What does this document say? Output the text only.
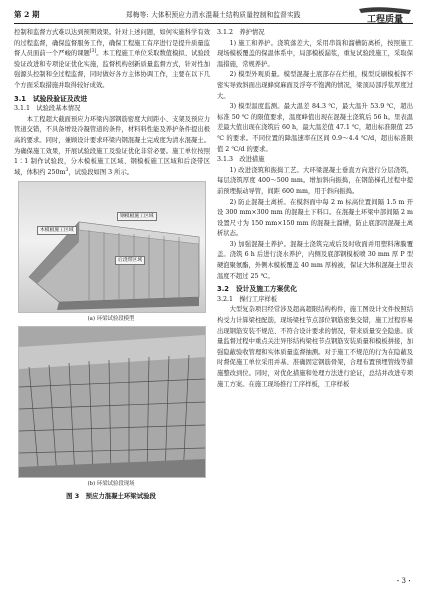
第 2 期	郑梅等: 大体积预应力清水混凝土结构质量控制和监督实践	工程质量

控制和监督方式难以达到预期效果。针对上述问题，如何实施科学有效的过程监督，确保监督服务工作，确保工程施工有序进行是提升质量监督人员面前一个严峻的课题[3]。本工程施工单位采取数值模拟、试验段验证改进和专项论证优化实施，监督机构创新质量监督方式，针对性加强源头控制和全过程监督，同时做好各方主体协调工作，主要在以下几个方面采取措施并取得较好成效。

3.1　试验段验证及改进

3.1.1　试验段基本情况

本工程超大截面预应力环梁内部钢筋密度大间距小、支架及预应力管道交错，不具备增设冷凝管道的条件，材料料性能及养护条件提出极高的要求。同时，兼顾设计要求环梁内钢混凝土完成度为清水混凝土。为确保施工效果，开展试验段施工及验证优化非常必要。施工单位按照 1∶1 制作试验段，分木模板施工区域、钢模板施工区域和后浇带区域，体积约 $250m^3$，试验段如图 3 所示。

木模板施工区域
钢模板施工区域
后浇带区域

(a) 环梁试验段模型

(b) 环梁试验段现场

图 3　预应力混凝土环梁试验段

3.1.2　养护情况

1) 施工和养护。浇筑落差大，采用串筒和溜槽防离析，按照施工现场模板覆盖的保温体系中，局部模板漏浆，重复试验段施工，采取保温措施，常规养护。

2) 模型外观质量。模型混凝土底部存在烂根，模型反刷模板挥不密实导致斜面出现蜂窝麻面及浮夸不饱满的情况，梁顶局部浮浆厚度过大。

3) 模型温度监测。最大温差 84.3 ℃，最大温升 53.9 ℃，超出标准 50 ℃ 的限值要求，温度峰值出现在混凝土浇筑后 56 h。里表温差最大值出现在浇筑后 60 h，最大温差值 47.1 ℃，超出标准限值 25 ℃ 的要求。不同位置的降温速率在区间 0.9～4.4 ℃/d，超出标准限值 2 ℃/d 的要求。

3.1.3　改进措施

1) 改进浇筑和振捣工艺。大环梁混凝土垂直方向进行分层浇筑，每层浇筑厚度 400～500 mm。增加斜向振捣，在钢筋梯孔过程中提前预埋振动导管，间距 600 mm，用于斜向振捣。

2) 防止混凝土离析。在模斜面中每 2 m 标高位置间隔 1.5 m 开设 300 mm×300 mm 的混凝土下料口。在混凝土环梁中部间隔 2 m 设置尺寸为 150 mm×150 mm 的混凝土溜槽，防止底部因混凝土离析状态。

3) 加强混凝土养护。混凝土浇筑完成后及时收面并用塑料薄膜覆盖。浇筑 6 h 后进行浇水养护，内侧及底部钢模板喷 30 mm 厚 P 型硬泡聚氨酯，外侧木模板覆盖 40 mm 厚棉被，保证大体积混凝土里表温度不超过 25 ℃。

3.2　设计及施工方案优化

3.2.1　操行工序样板

大型复杂项目经常涉及超高超限结构构件，施工图设计文件按照结构受力计算梁柱配筋，现场梁柱节点部位钢筋密集交错，施工过程容易出现钢筋安装不规范、不符合设计要求的情况，带来质量安全隐患。质量监督过程中重点关注异形结构梁柱节点钢筋安装质量和模板拼接，加强隐蔽验收管理和实体质量监督抽测。对于施工不规范的行为在隐蔽及时督促施工单位采用并基、准确固定钢筋骨架，合理布置预埋管线等措施整改到位。同时，对优化措施和处理方法进行论证，总结并改进专项施工方案。在施工现场推行工序样板，工序样板

・3・
